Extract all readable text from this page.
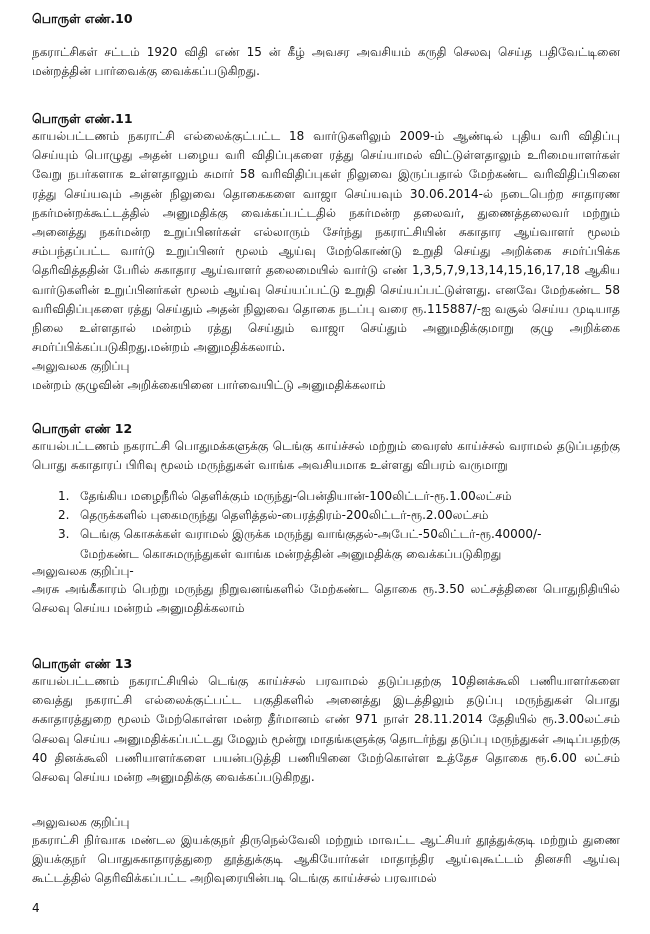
பொருள் எண்.10
நகராட்சிகள் சட்டம் 1920 விதி எண் 15 ன் கீழ் அவசர அவசியம் கருதி செலவு செய்த பதிவேட்டினை மன்றத்தின் பார்வைக்கு வைக்கப்படுகிறது.
பொருள் எண்.11
காயல்பட்டணம் நகராட்சி எல்லைக்குட்பட்ட 18 வார்டுகளிலும் 2009-ம் ஆண்டில் புதிய வரி விதிப்பு செய்யும் பொழுது அதன் பழைய வரி விதிப்புகளை ரத்து செய்யாமல் விட்டுள்ளதாலும் உரிமையாளர்கள் வேறு நபர்களாக உள்ளதாலும் சுமார் 58 வரிவிதிப்புகள் நிலுவை இருப்பதால் மேற்கண்ட வரிவிதிப்பினை ரத்து செய்யவும் அதன் நிலுவை தொகைகளை வாஜா செய்யவும் 30.06.2014-ல் நடைபெற்ற சாதாரண நகர்மன்றக்கூட்டத்தில் அனுமதிக்கு வைக்கப்பட்டதில் நகர்மன்ற தலைவர், துணைத்தலைவர் மற்றும் அனைத்து நகர்மன்ற உறுப்பினர்கள் எல்லாரும் சேர்ந்து நகராட்சியின் சுகாதார ஆய்வாளர் மூலம் சம்பந்தப்பட்ட வார்டு உறுப்பினர் மூலம் ஆய்வு மேற்கொண்டு உறுதி செய்து அறிக்கை சமர்ப்பிக்க தெரிவித்ததின் பேரில் சுகாதார ஆய்வாளர் தலைமையில் வார்டு எண் 1,3,5,7,9,13,14,15,16,17,18 ஆகிய வார்டுகளின் உறுப்பினர்கள் மூலம் ஆய்வு செய்யப்பட்டு உறுதி செய்யப்பட்டுள்ளது. எனவே மேற்கண்ட 58 வரிவிதிப்புகளை ரத்து செய்தும் அதன் நிலுவை தொகை நடப்பு வரை ரூ.115887/-ஐ வசூல் செய்ய முடியாத நிலை உள்ளதால் மன்றம் ரத்து செய்தும் வாஜா செய்தும் அனுமதிக்குமாறு குழு அறிக்கை சமர்ப்பிக்கப்படுகிறது.மன்றம் அனுமதிக்கலாம்.
அலுவலக குறிப்பு
மன்றம் குழுவின் அறிக்கையினை பார்வையிட்டு அனுமதிக்கலாம்
பொருள் எண் 12
காயல்பட்டணம் நகராட்சி பொதுமக்களுக்கு டெங்கு காய்ச்சல் மற்றும் வைரஸ் காய்ச்சல் வராமல் தடுப்பதற்கு பொது சுகாதாரப் பிரிவு மூலம் மருந்துகள் வாங்க அவசியமாக உள்ளது விபரம் வருமாறு
1. தேங்கிய மழைநீரில் தெளிக்கும் மருந்து-பென்தியான்-100லிட்டர்-ரூ.1.00லட்சம்
2. தெருக்களில் புகைமருந்து தெளித்தல்-பைரத்திரம்-200லிட்டர்-ரூ.2.00லட்சம்
3. டெங்கு கொசுக்கள் வராமல் இருக்க மருந்து வாங்குதல்-அபேட்-50லிட்டர்-ரூ.40000/-
மேற்கண்ட கொசுமருந்துகள் வாங்க மன்றத்தின் அனுமதிக்கு வைக்கப்படுகிறது
அலுவலக குறிப்பு-
அரசு அங்கீகாரம் பெற்று மருந்து நிறுவனங்களில் மேற்கண்ட தொகை ரூ.3.50 லட்சத்தினை பொதுநிதியில் செலவு செய்ய மன்றம் அனுமதிக்கலாம்
பொருள் எண் 13
காயல்பட்டணம் நகராட்சியில் டெங்கு காய்ச்சல் பரவாமல் தடுப்பதற்கு 10தினக்கூலி பணியாளர்களை வைத்து நகராட்சி எல்லைக்குட்பட்ட பகுதிகளில் அனைத்து இடத்திலும் தடுப்பு மருந்துகள் பொது சுகாதாரத்துறை மூலம் மேற்கொள்ள மன்ற தீர்மானம் எண் 971 நாள் 28.11.2014 தேதியில் ரூ.3.00லட்சம் செலவு செய்ய அனுமதிக்கப்பட்டது மேலும் மூன்று மாதங்களுக்கு தொடர்ந்து தடுப்பு மருந்துகள் அடிப்பதற்கு 40 தினக்கூலி பணியாளர்களை பயன்படுத்தி பணியினை மேற்கொள்ள உத்தேச தொகை ரூ.6.00 லட்சம் செலவு செய்ய மன்ற அனுமதிக்கு வைக்கப்படுகிறது.
அலுவலக குறிப்பு
நகராட்சி நிர்வாக மண்டல இயக்குநர் திருநெல்வேலி மற்றும் மாவட்ட ஆட்சியர் தூத்துக்குடி மற்றும் துணை இயக்குநர் பொதுசுகாதாரத்துறை தூத்துக்குடி ஆகியோர்கள் மாதாந்திர ஆய்வுகூட்டம் தினசரி ஆய்வு கூட்டத்தில் தெரிவிக்கப்பட்ட அறிவுரையின்படி டெங்கு காய்ச்சல் பரவாமல்
4
